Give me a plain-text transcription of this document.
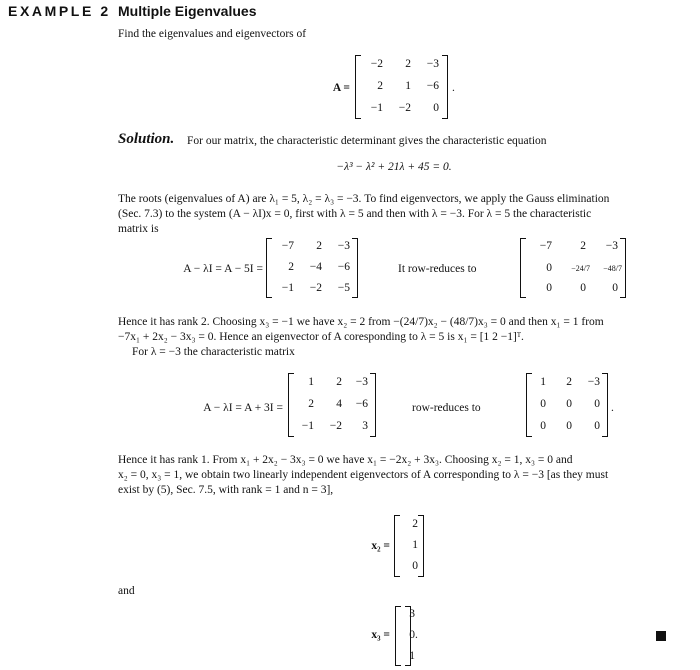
EXAMPLE 2 Multiple Eigenvalues
Find the eigenvalues and eigenvectors of
A =
−2	2	−3
2	1	−6
−1	−2	0
.
Solution. For our matrix, the characteristic determinant gives the characteristic equation
−λ³ − λ² + 21λ + 45 = 0.
The roots (eigenvalues of A) are λ₁ = 5, λ₂ = λ₃ = −3. To find eigenvectors, we apply the Gauss elimination
(Sec. 7.3) to the system (A − λI)x = 0, first with λ = 5 and then with λ = −3. For λ = 5 the characteristic
matrix is
A − λI = A − 5I =
−7	2	−3
2	−4	−6
−1	−2	−5
It row-reduces to
−7	2	−3
0	−24/7	−48/7
0	0	0
Hence it has rank 2. Choosing x₃ = −1 we have x₂ = 2 from −(24/7)x₂ − (48/7)x₃ = 0 and then x₁ = 1 from
−7x₁ + 2x₂ − 3x₃ = 0. Hence an eigenvector of A coresponding to λ = 5 is x₁ = [1 2 −1]ᵀ.
For λ = −3 the characteristic matrix
A − λI = A + 3I =
1	2	−3
2	4	−6
−1	−2	3
row-reduces to
1	2	−3
0	0	0
0	0	0
.
Hence it has rank 1. From x₁ + 2x₂ − 3x₃ = 0 we have x₁ = −2x₂ + 3x₃. Choosing x₂ = 1, x₃ = 0 and
x₂ = 0, x₃ = 1, we obtain two linearly independent eigenvectors of A corresponding to λ = −3 [as they must
exist by (5), Sec. 7.5, with rank = 1 and n = 3],
x₂ =
2
1
0
and
x₃ =
3
0
1
.
